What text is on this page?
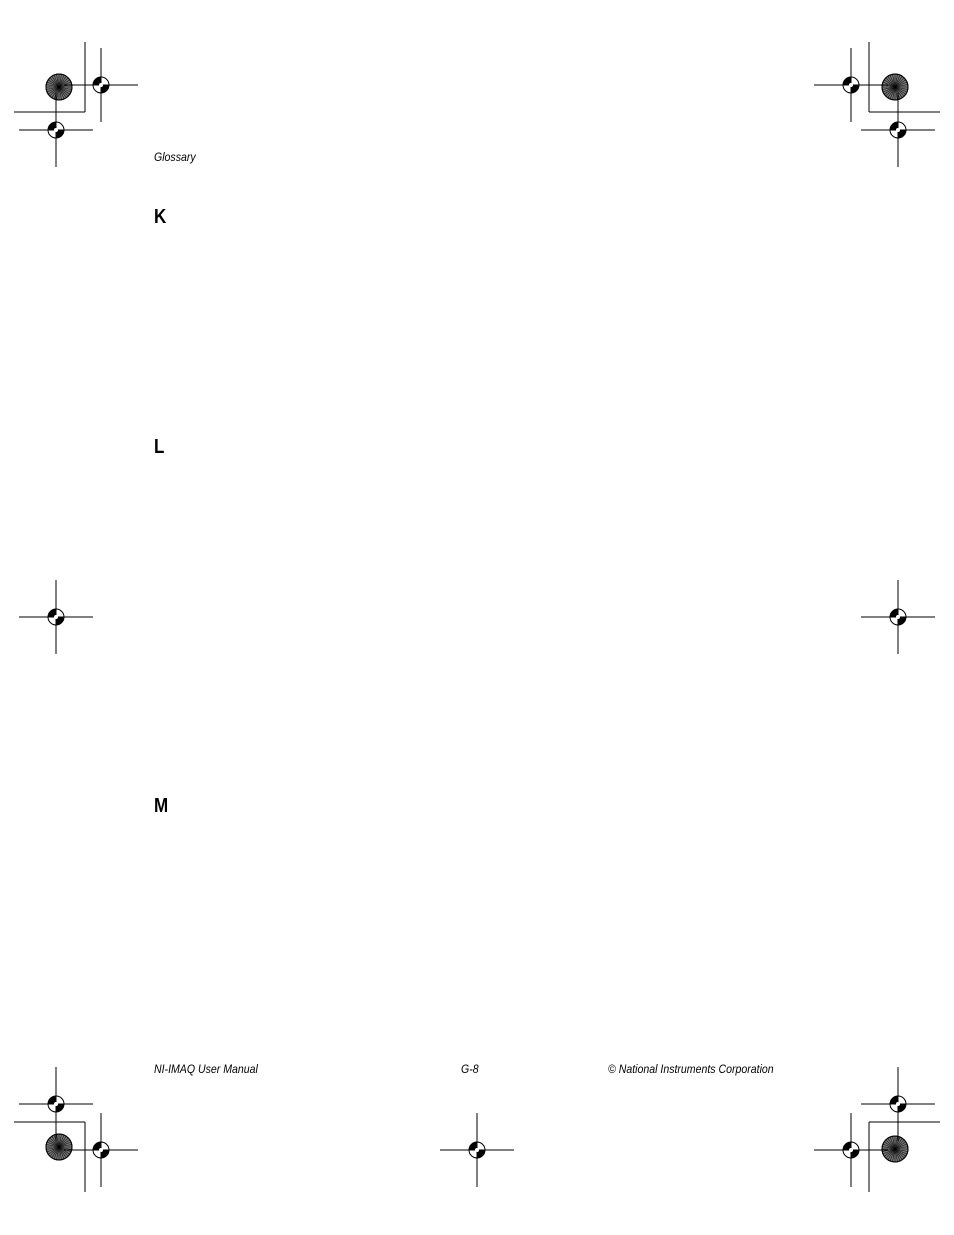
Glossary
K
L
M
NI-IMAQ User Manual	G-8	© National Instruments Corporation
